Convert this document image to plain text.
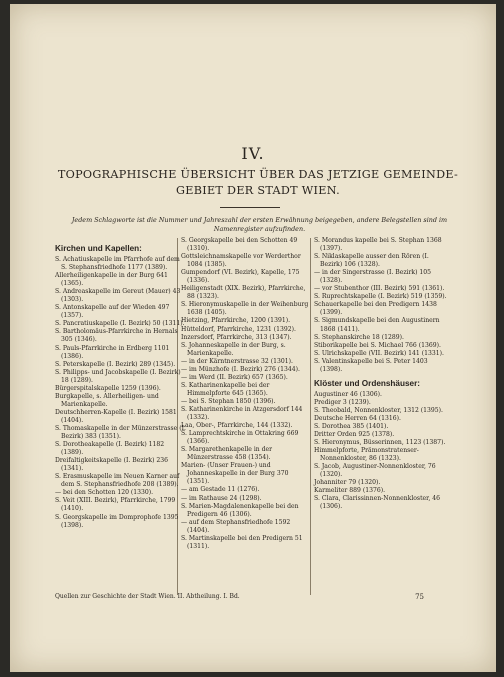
IV.
TOPOGRAPHISCHE ÜBERSICHT ÜBER DAS JETZIGE GEMEINDE-GEBIET DER STADT WIEN.
Jedem Schlagworte ist die Nummer und Jahreszahl der ersten Erwähnung beigegeben, andere Belegstellen sind im Namenregister aufzufinden.
Kirchen und Kapellen:
S. Achatiuskapelle im Pfarrhofe auf dem S. Stephansfriedhofe 1177 (1389).
Allerheiligenkapelle in der Burg 641 (1365).
S. Andreaskapelle im Gereut (Mauer) 43 (1303).
S. Antonskapelle auf der Wieden 497 (1357).
S. Pancratiuskapelle (I. Bezirk) 50 (1311).
S. Bartholomäus-Pfarrkirche in Hernals 305 (1346).
S. Pauls-Pfarrkirche in Erdberg 1101 (1386).
S. Peterskapelle (I. Bezirk) 289 (1345).
S. Philipps- und Jacobskapelle (I. Bezirk) 18 (1289).
Bürgerspitalskapelle 1259 (1396).
Burgkapelle, s. Allerheiligen- und Marienkapelle.
Deutschherren-Kapelle (I. Bezirk) 1581 (1404).
S. Thomaskapelle in der Münzerstrasse (I. Bezirk) 383 (1351).
S. Dorotheakapelle (I. Bezirk) 1182 (1389).
Dreifaltigkeitskapelle (I. Bezirk) 236 (1341).
S. Erasmuskapelle im Neuen Karner auf dem S. Stephansfriedhofe 208 (1389).
— bei den Schotten 120 (1330).
S. Veit (XIII. Bezirk), Pfarrkirche, 1799 (1410).
S. Georgskapelle im Domprophofe 1395 (1398).
S. Georgskapelle bei den Schotten 49 (1310).
Gottsleichnamskapelle vor Werderthor 1084 (1385).
Gumpendorf (VI. Bezirk), Kapelle, 175 (1336).
Heiligenstadt (XIX. Bezirk), Pfarrkirche, 88 (1323).
S. Hieronymuskapelle in der Weihenburg 1638 (1405).
Hietzing, Pfarrkirche, 1200 (1391).
Hütteldorf, Pfarrkirche, 1231 (1392).
Inzersdorf, Pfarrkirche, 313 (1347).
S. Johanneskapelle in der Burg, s. Marienkapelle.
— in der Kärntnerstrasse 32 (1301).
— im Münzhofe (I. Bezirk) 276 (1344).
— im Werd (II. Bezirk) 657 (1365).
S. Katharinenkapelle bei der Himmelpforte 645 (1365).
— bei S. Stephan 1850 (1396).
S. Katharinenkirche in Atzgersdorf 144 (1332).
Laa, Ober-, Pfarrkirche, 144 (1332).
S. Lamprechtskirche in Ottakring 669 (1366).
S. Margarethenkapelle in der Münzerstrasse 458 (1354).
Marien- (Unser Frauen-) und Johanneskapelle in der Burg 370 (1351).
— am Gestade 11 (1276).
— im Rathause 24 (1298).
S. Marien-Magdalenenkapelle bei den Predigern 46 (1306).
— auf dem Stephansfriedhofe 1592 (1404).
S. Martinskapelle bei den Predigern 51 (1311).
S. Morandus kapelle bei S. Stephan 1368 (1397).
S. Niklaskapelle ausser den Rören (I. Bezirk) 106 (1328).
— in der Singerstrasse (I. Bezirk) 105 (1328).
— vor Stubenthor (III. Bezirk) 591 (1361).
S. Ruprechtskapelle (I. Bezirk) 519 (1359).
Schauerkapelle bei den Predigern 1438 (1399).
S. Sigmundskapelle bei den Augustinern 1868 (1411).
S. Stephanskirche 18 (1289).
Stiborikapelle bei S. Michael 766 (1369).
S. Ulrichskapelle (VII. Bezirk) 141 (1331).
S. Valentinskapelle bei S. Peter 1403 (1398).
Klöster und Ordenshäuser:
Augustiner 46 (1306).
Prediger 3 (1239).
S. Theobald, Nonnenkloster, 1312 (1395).
Deutsche Herren 64 (1316).
S. Dorothea 385 (1401).
Dritter Orden 925 (1378).
S. Hieronymus, Büsserinnen, 1123 (1387).
Himmelpforte, Prämonstratenser-Nonnenkloster, 86 (1323).
S. Jacob, Augustiner-Nonnenkloster, 76 (1320).
Johanniter 79 (1320).
Karmeliter 889 (1376).
S. Clara, Clarissinnen-Nonnenkloster, 46 (1306).
Quellen zur Geschichte der Stadt Wien. II. Abtheilung. I. Bd.	75
